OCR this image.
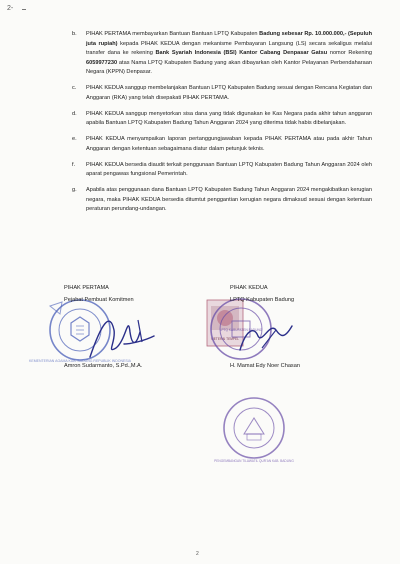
2-
b. PIHAK PERTAMA membayarkan Bantuan Bantuan LPTQ Kabupaten Badung sebesar Rp. 10.000.000,- (Sepuluh juta rupiah) kepada PIHAK KEDUA dengan mekanisme Pembayaran Langsung (LS) secara sekaligus melalui transfer dana ke rekening Bank Syariah Indonesia (BSI) Kantor Cabang Denpasar Gatsu nomor Rekening 6059977230 atas Nama LPTQ Kabupaten Badung yang akan dibayarkan oleh Kantor Pelayanan Perbendaharaan Negara (KPPN) Denpasar.
c. PIHAK KEDUA sanggup membelanjakan Bantuan LPTQ Kabupaten Badung sesuai dengan Rencana Kegiatan dan Anggaran (RKA) yang telah disepakati PIHAK PERTAMA.
d. PIHAK KEDUA sanggup menyetorkan sisa dana yang tidak digunakan ke Kas Negara pada akhir tahun anggaran apabila Bantuan LPTQ Kabupaten Badung Tahun Anggaran 2024 yang diterima tidak habis dibelanjakan.
e. PIHAK KEDUA menyampaikan laporan pertanggungjawaban kepada PIHAK PERTAMA atau pada akhir Tahun Anggaran dengan ketentuan sebagaimana diatur dalam petunjuk teknis.
f. PIHAK KEDUA bersedia diaudit terkait penggunaan Bantuan LPTQ Kabupaten Badung Tahun Anggaran 2024 oleh aparat pengawas fungsional Pemerintah.
g. Apabila atas penggunaan dana Bantuan LPTQ Kabupaten Badung Tahun Anggaran 2024 mengakibatkan kerugian negara, maka PIHAK KEDUA bersedia ditumtut penggantian kerugian negara dimaksud sesuai dengan ketentuan peraturan perundang-undangan.
KEMENTERIAN AGAMA KAB. BADUNG REPUBLIK INDONESIA
METERAI TEMPEL
LPTQ KABUPATEN BADUNG
PENGEMBANGAN TILAWATIL QUR'AN KAB. BADUNG
PIHAK PERTAMA
Pejabat Pembuat Komitmen
Amron Sudarmanto, S.Pd.,M.A.
PIHAK KEDUA
LPTQ Kabupaten Badung
H. Mamat Edy Noer Chasan
2
